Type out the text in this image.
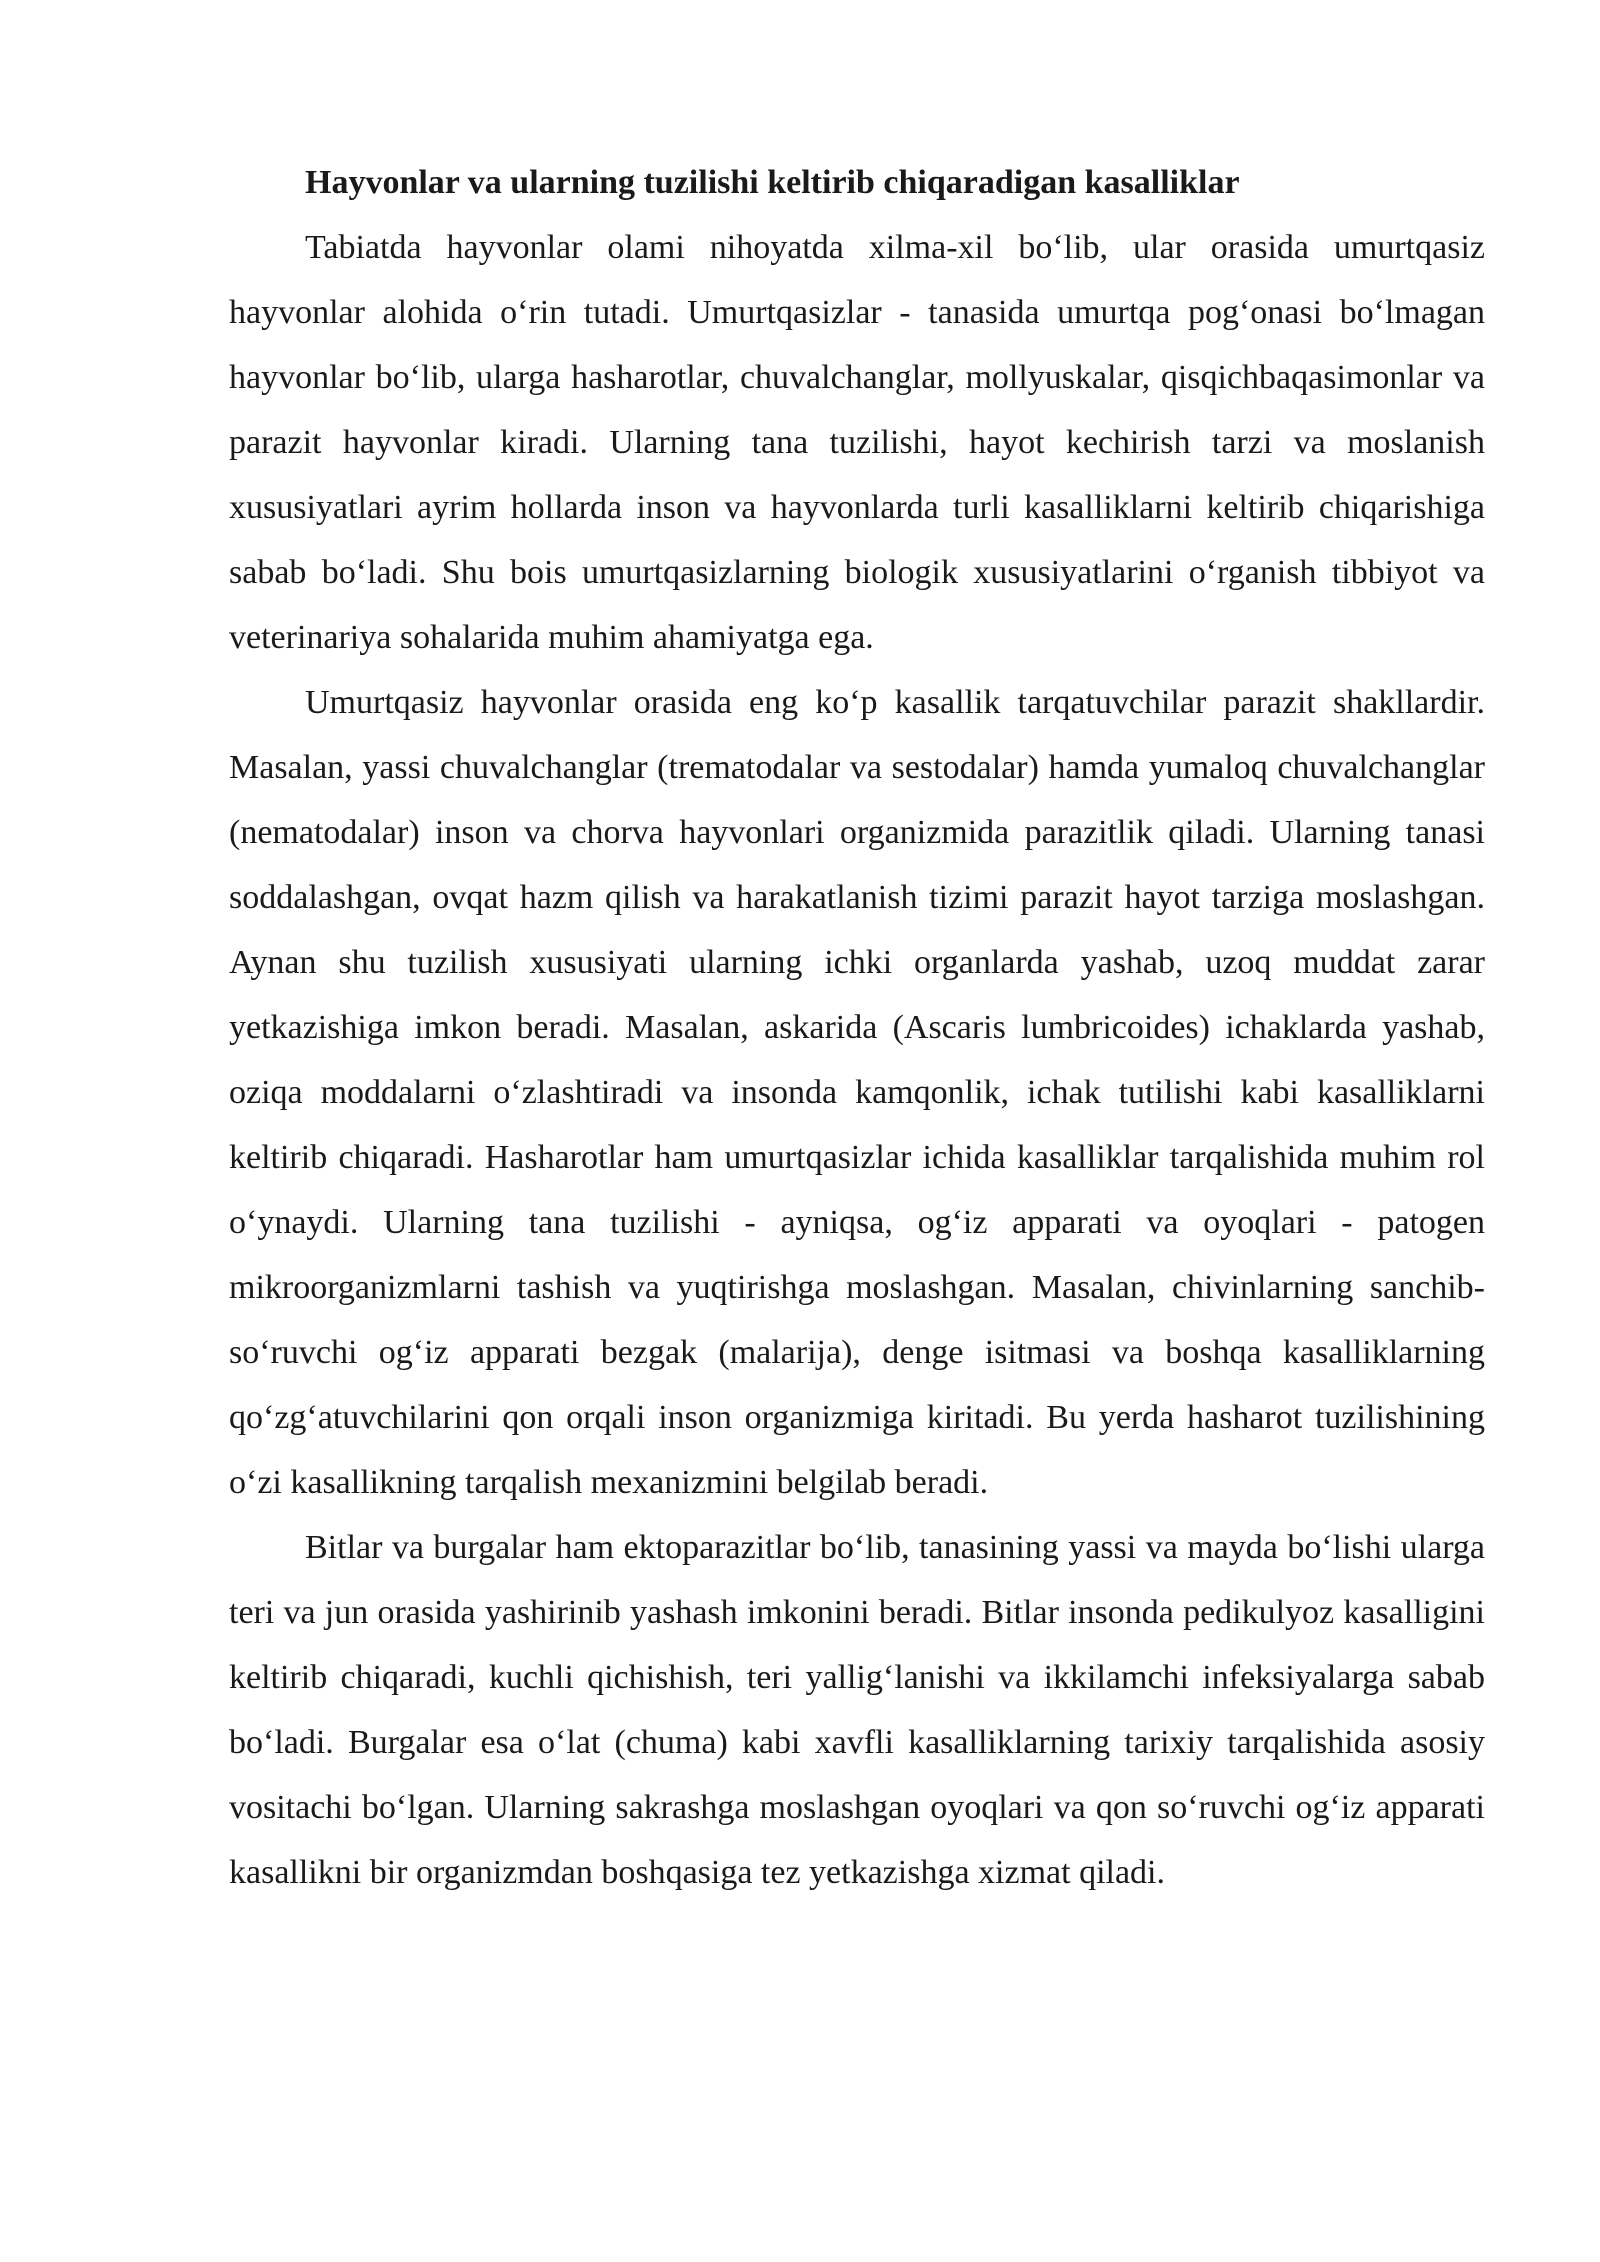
Hayvonlar va ularning tuzilishi keltirib chiqaradigan kasalliklar

Tabiatda hayvonlar olami nihoyatda xilma-xil bo‘lib, ular orasida umurtqasiz hayvonlar alohida o‘rin tutadi. Umurtqasizlar - tanasida umurtqa pog‘onasi bo‘lmagan hayvonlar bo‘lib, ularga hasharotlar, chuvalchanglar, mollyuskalar, qisqichbaqasimonlar va parazit hayvonlar kiradi. Ularning tana tuzilishi, hayot kechirish tarzi va moslanish xususiyatlari ayrim hollarda inson va hayvonlarda turli kasalliklarni keltirib chiqarishiga sabab bo‘ladi. Shu bois umurtqasizlarning biologik xususiyatlarini o‘rganish tibbiyot va veterinariya sohalarida muhim ahamiyatga ega.

Umurtqasiz hayvonlar orasida eng ko‘p kasallik tarqatuvchilar parazit shakllardir. Masalan, yassi chuvalchanglar (trematodalar va sestodalar) hamda yumaloq chuvalchanglar (nematodalar) inson va chorva hayvonlari organizmida parazitlik qiladi. Ularning tanasi soddalashgan, ovqat hazm qilish va harakatlanish tizimi parazit hayot tarziga moslashgan. Aynan shu tuzilish xususiyati ularning ichki organlarda yashab, uzoq muddat zarar yetkazishiga imkon beradi. Masalan, askarida (Ascaris lumbricoides) ichaklarda yashab, oziqa moddalarni o‘zlashtiradi va insonda kamqonlik, ichak tutilishi kabi kasalliklarni keltirib chiqaradi. Hasharotlar ham umurtqasizlar ichida kasalliklar tarqalishida muhim rol o‘ynaydi. Ularning tana tuzilishi - ayniqsa, og‘iz apparati va oyoqlari - patogen mikroorganizmlarni tashish va yuqtirishga moslashgan. Masalan, chivinlarning sanchib-so‘ruvchi og‘iz apparati bezgak (malarija), denge isitmasi va boshqa kasalliklarning qo‘zg‘atuvchilarini qon orqali inson organizmiga kiritadi. Bu yerda hasharot tuzilishining o‘zi kasallikning tarqalish mexanizmini belgilab beradi.

Bitlar va burgalar ham ektoparazitlar bo‘lib, tanasining yassi va mayda bo‘lishi ularga teri va jun orasida yashirinib yashash imkonini beradi. Bitlar insonda pedikulyoz kasalligini keltirib chiqaradi, kuchli qichishish, teri yallig‘lanishi va ikkilamchi infeksiyalarga sabab bo‘ladi. Burgalar esa o‘lat (chuma) kabi xavfli kasalliklarning tarixiy tarqalishida asosiy vositachi bo‘lgan. Ularning sakrashga moslashgan oyoqlari va qon so‘ruvchi og‘iz apparati kasallikni bir organizmdan boshqasiga tez yetkazishga xizmat qiladi.
